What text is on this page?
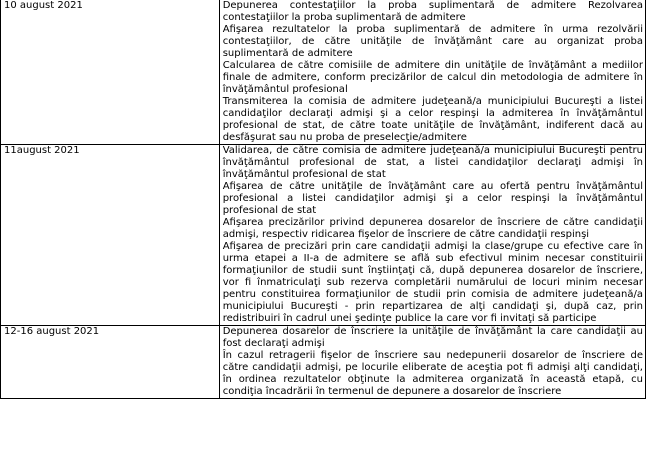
10 august 2021	Depunerea contestaţiilor la proba suplimentară de admitere Rezolvarea contestaţiilor la proba suplimentară de admitere

Afişarea rezultatelor la proba suplimentară de admitere în urma rezolvării contestaţiilor, de către unităţile de învăţământ care au organizat proba suplimentară de admitere

Calcularea de către comisiile de admitere din unităţile de învăţământ a mediilor finale de admitere, conform precizărilor de calcul din metodologia de admitere în învăţământul profesional

Transmiterea la comisia de admitere judeţeană/a municipiului Bucureşti a listei candidaţilor declaraţi admişi şi a celor respinşi la admiterea în învăţământul profesional de stat, de către toate unităţile de învăţământ, indiferent dacă au desfăşurat sau nu proba de preselecţie/admitere

11august 2021	Validarea, de către comisia de admitere judeţeană/a municipiului Bucureşti pentru învăţământul profesional de stat, a listei candidaţilor declaraţi admişi în învăţământul profesional de stat

Afişarea de către unităţile de învăţământ care au ofertă pentru învăţământul profesional a listei candidaţilor admişi şi a celor respinşi la învăţământul profesional de stat

Afişarea precizărilor privind depunerea dosarelor de înscriere de către candidaţii admişi, respectiv ridicarea fişelor de înscriere de către candidaţii respinşi

Afişarea de precizări prin care candidaţii admişi la clase/grupe cu efective care în urma etapei a II-a de admitere se află sub efectivul minim necesar constituirii formaţiunilor de studii sunt înştiinţaţi că, după depunerea dosarelor de înscriere, vor fi înmatriculaţi sub rezerva completării numărului de locuri minim necesar pentru constituirea formaţiunilor de studii prin comisia de admitere judeţeană/a municipiului Bucureşti - prin repartizarea de alţi candidaţi şi, după caz, prin redistribuiri în cadrul unei şedinţe publice la care vor fi invitaţi să participe

12-16 august 2021	Depunerea dosarelor de înscriere la unităţile de învăţământ la care candidaţii au fost declaraţi admişi

În cazul retragerii fişelor de înscriere sau nedepunerii dosarelor de înscriere de către candidaţii admişi, pe locurile eliberate de aceştia pot fi admişi alţi candidaţi, în ordinea rezultatelor obţinute la admiterea organizată în această etapă, cu condiţia încadrării în termenul de depunere a dosarelor de înscriere
